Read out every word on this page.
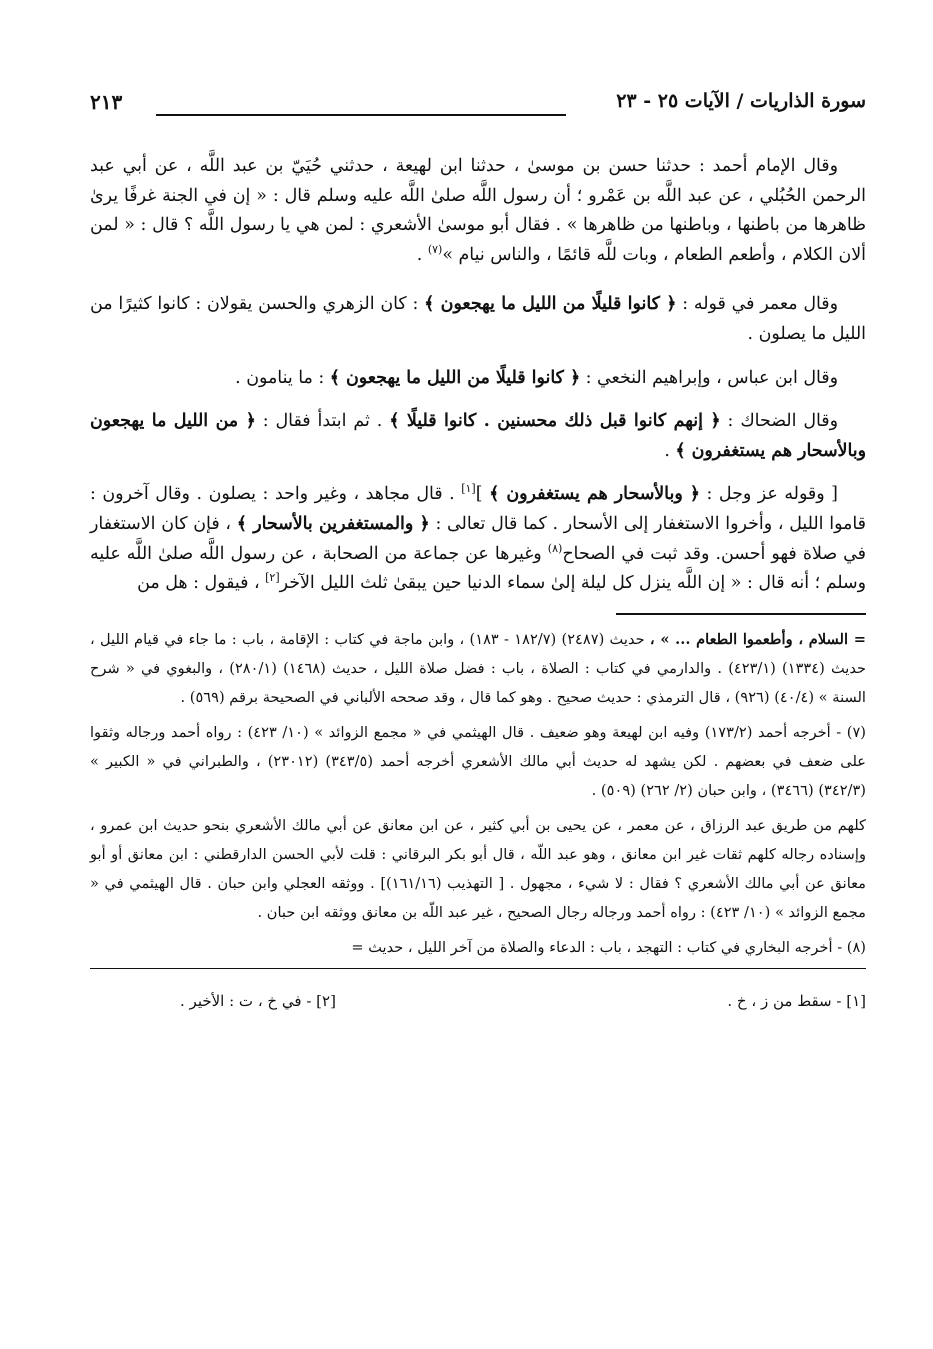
سورة الذاريات / الآيات ٢٥ - ٢٣
٢١٣

وقال الإمام أحمد : حدثنا حسن بن موسىٰ ، حدثنا ابن لهيعة ، حدثني حُيَيّ بن عبد اللَّه ، عن أبي عبد الرحمن الحُبُلي ، عن عبد اللَّه بن عَمْرو ؛ أن رسول اللَّه صلىٰ اللَّه عليه وسلم قال : « إن في الجنة غرفًا يرىٰ ظاهرها من باطنها ، وباطنها من ظاهرها » . فقال أبو موسىٰ الأشعري : لمن هي يا رسول اللَّه ؟ قال : « لمن ألان الكلام ، وأطعم الطعام ، وبات للَّه قائمًا ، والناس نيام »$^{(٧)}$ .

وقال معمر في قوله : ﴿ كانوا قليلًا من الليل ما يهجعون ﴾ : كان الزهري والحسن يقولان : كانوا كثيرًا من الليل ما يصلون .

وقال ابن عباس ، وإبراهيم النخعي : ﴿ كانوا قليلًا من الليل ما يهجعون ﴾ : ما ينامون .

وقال الضحاك : ﴿ إنهم كانوا قبل ذلك محسنين . كانوا قليلًا ﴾ . ثم ابتدأ فقال : ﴿ من الليل ما يهجعون وبالأسحار هم يستغفرون ﴾ .

[ وقوله عز وجل : ﴿ وبالأسحار هم يستغفرون ﴾ ][١] . قال مجاهد ، وغير واحد : يصلون . وقال آخرون : قاموا الليل ، وأخروا الاستغفار إلى الأسحار . كما قال تعالى : ﴿ والمستغفرين بالأسحار ﴾ ، فإن كان الاستغفار في صلاة فهو أحسن. وقد ثبت في الصحاح$^{(٨)}$ وغيرها عن جماعة من الصحابة ، عن رسول اللَّه صلىٰ اللَّه عليه وسلم ؛ أنه قال : « إن اللَّه ينزل كل ليلة إلىٰ سماء الدنيا حين يبقىٰ ثلث الليل الآخر[٢] ، فيقول : هل من

= السلام ، وأطعموا الطعام ... » ، حديث (٢٤٨٧) (١٨٢/٧ - ١٨٣) ، وابن ماجة في كتاب : الإقامة ، باب : ما جاء في قيام الليل ، حديث (١٣٣٤) (٤٢٣/١) . والدارمي في كتاب : الصلاة ، باب : فضل صلاة الليل ، حديث (١٤٦٨) (٢٨٠/١) ، والبغوي في « شرح السنة » (٤٠/٤) (٩٢٦) ، قال الترمذي : حديث صحيح . وهو كما قال ، وقد صححه الألباني في الصحيحة برقم (٥٦٩) .

(٧) - أخرجه أحمد (١٧٣/٢) وفيه ابن لهيعة وهو ضعيف . قال الهيثمي في « مجمع الزوائد » (١٠/ ٤٢٣) : رواه أحمد ورجاله وثقوا على ضعف في بعضهم . لكن يشهد له حديث أبي مالك الأشعري أخرجه أحمد (٣٤٣/٥) (٢٣٠١٢) ، والطبراني في « الكبير » (٣٤٢/٣) (٣٤٦٦) ، وابن حبان (٢/ ٢٦٢) (٥٠٩) .

كلهم من طريق عبد الرزاق ، عن معمر ، عن يحيى بن أبي كثير ، عن ابن معانق عن أبي مالك الأشعري بنحو حديث ابن عمرو ، وإسناده رجاله كلهم ثقات غير ابن معانق ، وهو عبد اللّه ، قال أبو بكر البرقاني : قلت لأبي الحسن الدارقطني : ابن معانق أو أبو معانق عن أبي مالك الأشعري ؟ فقال : لا شيء ، مجهول . [ التهذيب (١٦١/١٦)] . ووثقه العجلي وابن حبان . قال الهيثمي في « مجمع الزوائد » (١٠/ ٤٢٣) : رواه أحمد ورجاله رجال الصحيح ، غير عبد اللّه بن معانق ووثقه ابن حبان .

(٨) - أخرجه البخاري في كتاب : التهجد ، باب : الدعاء والصلاة من آخر الليل ، حديث =

[١] - سقط من ز ، خ .
[٢] - في خ ، ت : الأخير .
